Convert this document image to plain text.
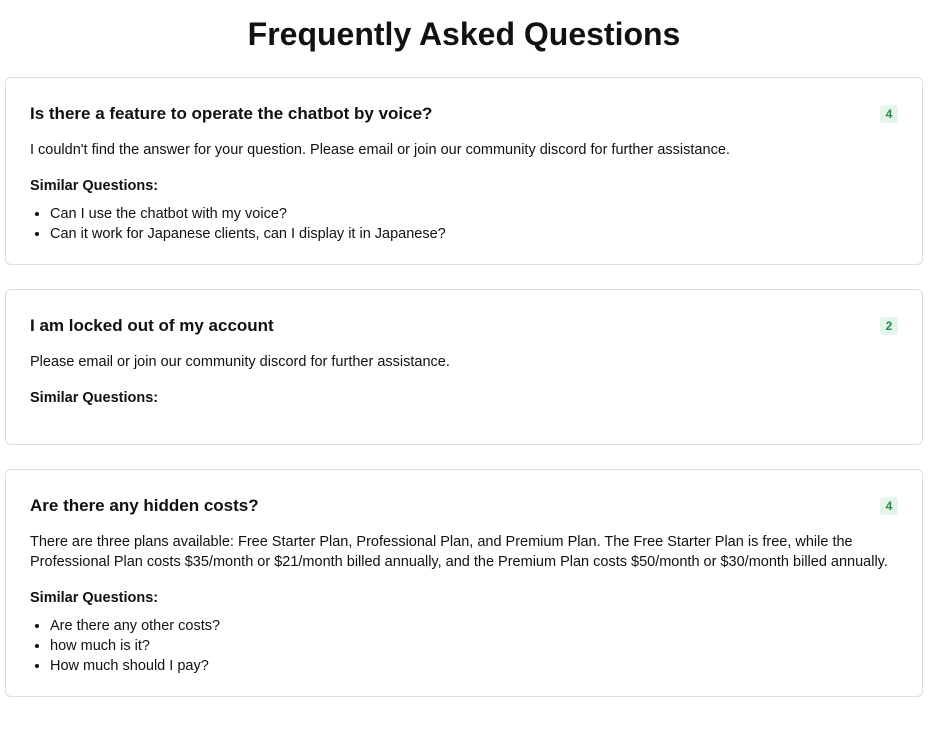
Frequently Asked Questions
Is there a feature to operate the chatbot by voice?	4

I couldn't find the answer for your question. Please email or join our community discord for further assistance.

Similar Questions:
• Can I use the chatbot with my voice?
• Can it work for Japanese clients, can I display it in Japanese?
I am locked out of my account	2

Please email or join our community discord for further assistance.

Similar Questions:
Are there any hidden costs?	4

There are three plans available: Free Starter Plan, Professional Plan, and Premium Plan. The Free Starter Plan is free, while the Professional Plan costs $35/month or $21/month billed annually, and the Premium Plan costs $50/month or $30/month billed annually.

Similar Questions:
• Are there any other costs?
• how much is it?
• How much should I pay?
